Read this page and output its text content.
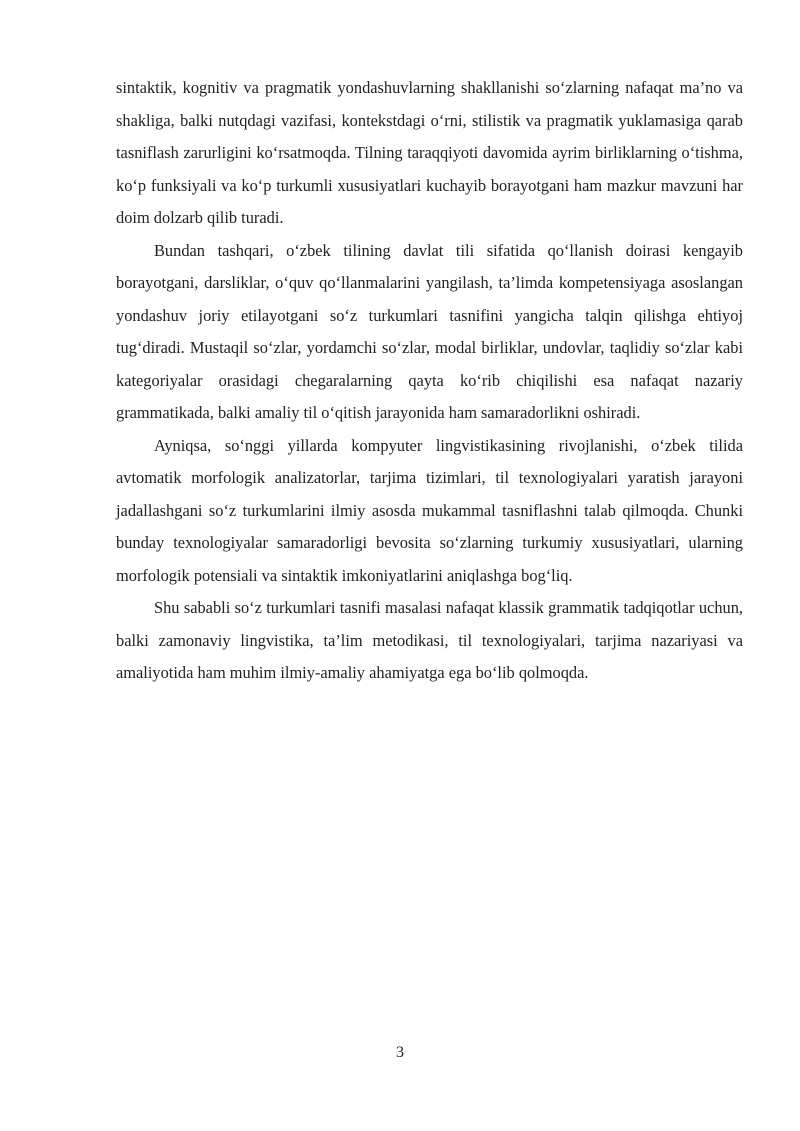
sintaktik, kognitiv va pragmatik yondashuvlarning shakllanishi so‘zlarning nafaqat ma’no va shakliga, balki nutqdagi vazifasi, kontekstdagi o‘rni, stilistik va pragmatik yuklamasiga qarab tasniflash zarurligini ko‘rsatmoqda. Tilning taraqqiyoti davomida ayrim birliklarning o‘tishma, ko‘p funksiyali va ko‘p turkumli xususiyatlari kuchayib borayotgani ham mazkur mavzuni har doim dolzarb qilib turadi.

Bundan tashqari, o‘zbek tilining davlat tili sifatida qo‘llanish doirasi kengayib borayotgani, darsliklar, o‘quv qo‘llanmalarini yangilash, ta’limda kompetensiyaga asoslangan yondashuv joriy etilayotgani so‘z turkumlari tasnifini yangicha talqin qilishga ehtiyoj tug‘diradi. Mustaqil so‘zlar, yordamchi so‘zlar, modal birliklar, undovlar, taqlidiy so‘zlar kabi kategoriyalar orasidagi chegaralarning qayta ko‘rib chiqilishi esa nafaqat nazariy grammatikada, balki amaliy til o‘qitish jarayonida ham samaradorlikni oshiradi.

Ayniqsa, so‘nggi yillarda kompyuter lingvistikasining rivojlanishi, o‘zbek tilida avtomatik morfologik analizatorlar, tarjima tizimlari, til texnologiyalari yaratish jarayoni jadallashgani so‘z turkumlarini ilmiy asosda mukammal tasniflashni talab qilmoqda. Chunki bunday texnologiyalar samaradorligi bevosita so‘zlarning turkumiy xususiyatlari, ularning morfologik potensiali va sintaktik imkoniyatlarini aniqlashga bog‘liq.

Shu sababli so‘z turkumlari tasnifi masalasi nafaqat klassik grammatik tadqiqotlar uchun, balki zamonaviy lingvistika, ta’lim metodikasi, til texnologiyalari, tarjima nazariyasi va amaliyotida ham muhim ilmiy-amaliy ahamiyatga ega bo‘lib qolmoqda.

3
